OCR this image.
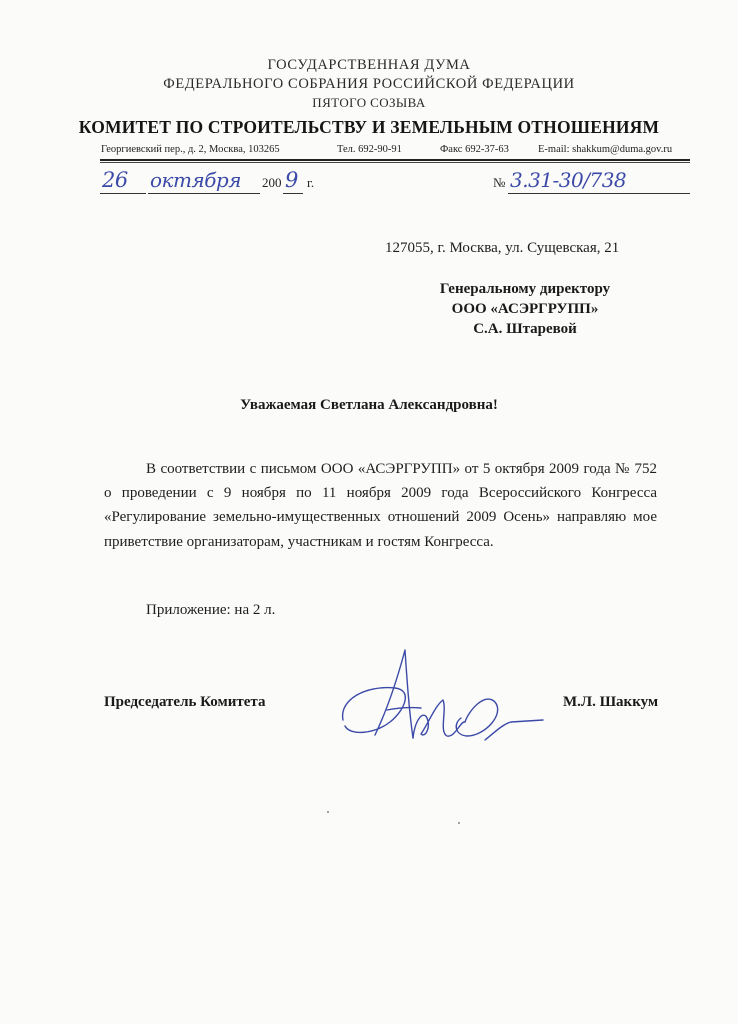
ГОСУДАРСТВЕННАЯ ДУМА
ФЕДЕРАЛЬНОГО СОБРАНИЯ РОССИЙСКОЙ ФЕДЕРАЦИИ
ПЯТОГО СОЗЫВА
КОМИТЕТ ПО СТРОИТЕЛЬСТВУ И ЗЕМЕЛЬНЫМ ОТНОШЕНИЯМ
Георгиевский пер., д. 2, Москва, 103265	Тел. 692-90-91	Факс 692-37-63	E-mail: shakkum@duma.gov.ru
26 октября 200 9 г.	№ 3.31-30/738
127055, г. Москва, ул. Сущевская, 21
Генеральному директору
ООО «АСЭРГРУПП»
С.А. Штаревой
Уважаемая Светлана Александровна!
В соответствии с письмом ООО «АСЭРГРУПП» от 5 октября 2009 года № 752 о проведении с 9 ноября по 11 ноября 2009 года Всероссийского Конгресса «Регулирование земельно-имущественных отношений 2009 Осень» направляю мое приветствие организаторам, участникам и гостям Конгресса.
Приложение: на 2 л.
Председатель Комитета	М.Л. Шаккум
